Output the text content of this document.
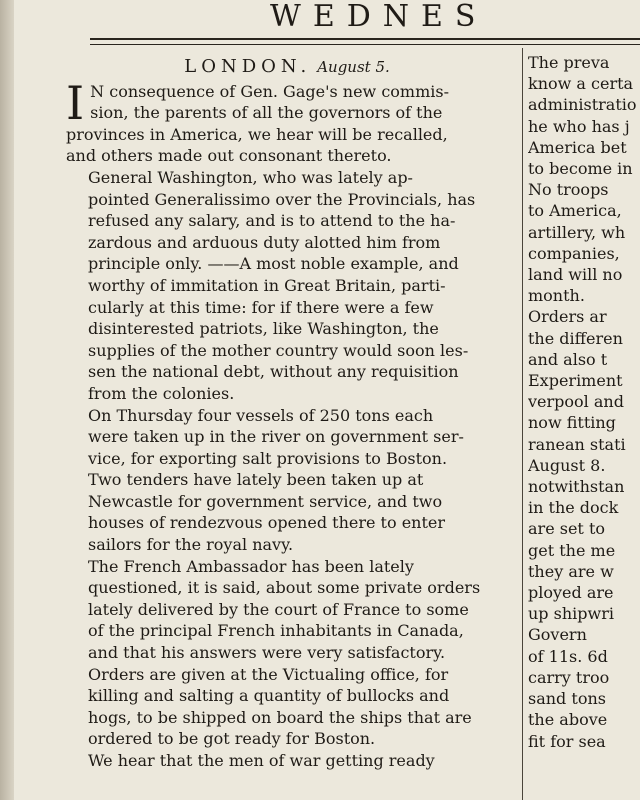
WEDNES
LONDON. August 5.

I N consequence of Gen. Gage's new commis-
sion, the parents of all the governors of the
provinces in America, we hear will be recalled,
and others made out consonant thereto.

General Washington, who was lately ap-
pointed Generalissimo over the Provincials, has
refused any salary, and is to attend to the ha-
zardous and arduous duty alotted him from
principle only. ——A most noble example, and
worthy of immitation in Great Britain, parti-
cularly at this time: for if there were a few
disinterested patriots, like Washington, the
supplies of the mother country would soon les-
sen the national debt, without any requisition
from the colonies.

On Thursday four vessels of 250 tons each
were taken up in the river on government ser-
vice, for exporting salt provisions to Boston.

Two tenders have lately been taken up at
Newcastle for government service, and two
houses of rendezvous opened there to enter
sailors for the royal navy.

The French Ambassador has been lately
questioned, it is said, about some private orders
lately delivered by the court of France to some
of the principal French inhabitants in Canada,
and that his answers were very satisfactory.

Orders are given at the Victualing office, for
killing and salting a quantity of bullocks and
hogs, to be shipped on board the ships that are
ordered to be got ready for Boston.

We hear that the men of war getting ready

The preva
know a certa
administratio
he who has j
America bet
to become in
No troops
to America,
artillery, wh
companies,
land will no
month.
Orders ar
the differen
and also t
Experiment
verpool and
now fitting
ranean stati
August 8.
notwithstan
in the dock
are set to
get the me
they are w
ployed are
up shipwri
Govern
of 11s. 6d
carry troo
sand tons
the above
fit for sea
